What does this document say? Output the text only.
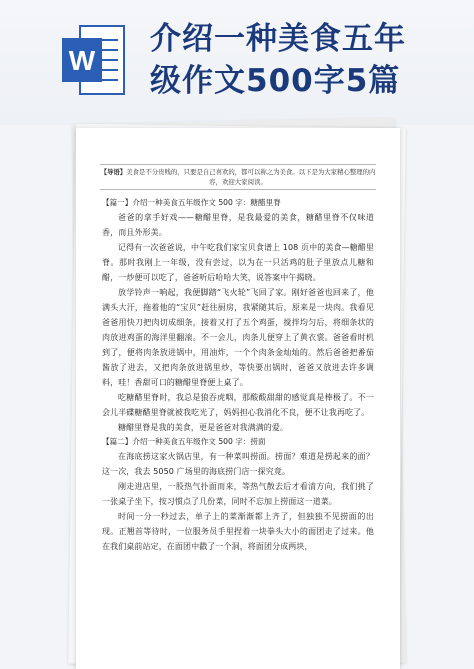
W
介绍一种美食五年
级作文500字5篇
【导语】美食是不分贵贱的，只要是自己喜欢的，都可以称之为美食。以下是为大家精心整理的内容，欢迎大家阅读。

【篇一】介绍一种美食五年级作文 500 字：糖醋里脊

爸爸的拿手好戏——糖醋里脊，是我最爱的美食，糖醋里脊不仅味道香，而且外形美。

记得有一次爸爸说，中午吃我们家宝贝食谱上 108 页中的美食—糖醋里脊。那时我刚上一年级，没有尝过，以为在一只活鸡的肚子里放点儿糖和醋，一炒便可以吃了，爸爸听后哈哈大笑，说答案中午揭晓。

放学铃声一响起，我便脚踏“飞火轮”飞回了家。刚好爸爸也回来了，他满头大汗，拖着他的“宝贝”赶往厨房，我紧随其后，原来是一块肉。我看见爸爸用快刀把肉切成细条，接着又打了五个鸡蛋，搅拌均匀后，将细条状的肉放进鸡蛋的海洋里翻滚。不一会儿，肉条儿便穿上了黄衣裳。爸爸看时机到了，便将肉条放进锅中，用油炸，一个个肉条金灿灿的。然后爸爸把番茄酱放了进去，又把肉条放进锅里炒，等快要出锅时，爸爸又放进去许多调料，哇！香甜可口的糖醋里脊便上桌了。

吃糖醋里脊时，我总是狼吞虎咽，那酸酸甜甜的感觉真是棒极了。不一会儿半碟糖醋里脊就被我吃光了，妈妈担心我消化不良，便不让我再吃了。

糖醋里脊是我的美食，更是爸爸对我满满的爱。

【篇二】介绍一种美食五年级作文 500 字：捞面

在海底捞这家火锅店里，有一种菜叫捞面。捞面？难道是捞起来的面？这一次，我去 5050 广场里的海底捞门店一探究竟。

刚走进店里，一股热气扑面而来，等热气散去后才看清方向，我们挑了一张桌子坐下，按习惯点了几份菜，同时不忘加上捞面这一道菜。

时间一分一秒过去，单子上的菜渐渐都上齐了，但独独不见捞面的出现。正翘首等待时，一位服务员手里捏着一块拳头大小的面团走了过来。他在我们桌前站定，在面团中戳了一个洞，将面团分成两块，
